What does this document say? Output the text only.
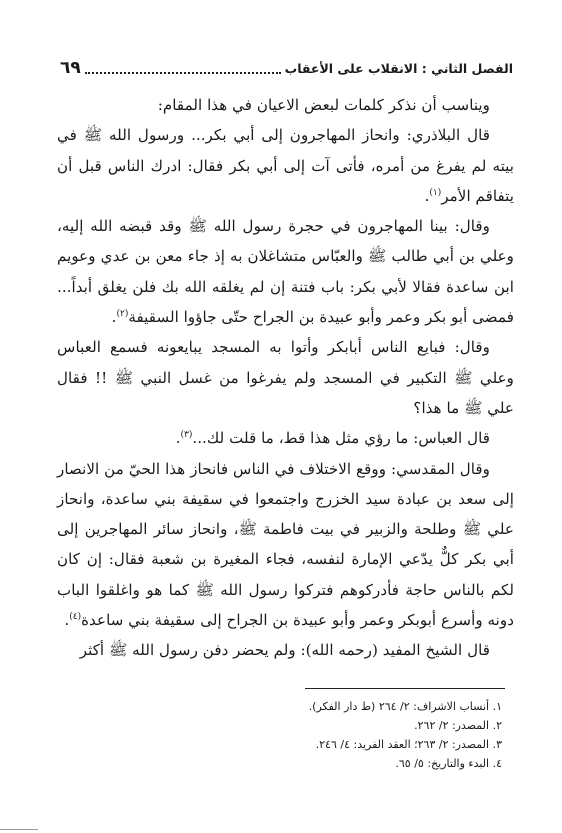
الفصل الثاني : الانقلاب على الأعقاب
٦٩

ويناسب أن نذكر كلمات لبعض الاعيان في هذا المقام:

قال البلاذري: وانحاز المهاجرون إلى أبي بكر... ورسول الله ﷺ في بيته لم يفرغ من أمره، فأتى آت إلى أبي بكر فقال: ادرك الناس قبل أن يتفاقم الأمر$^{(١)}$.

وقال: بينا المهاجرون في حجرة رسول الله ﷺ وقد قبضه الله إليه، وعلي بن أبي طالب ﷺ والعبّاس متشاغلان به إذ جاء معن بن عدي وعويم ابن ساعدة فقالا لأبي بكر: باب فتنة إن لم يغلقه الله بك فلن يغلق أبداً... فمضى أبو بكر وعمر وأبو عبيدة بن الجراح حتّى جاؤوا السقيفة$^{(٢)}$.

وقال: فبايع الناس أبابكر وأتوا به المسجد يبايعونه فسمع العباس وعلي ﷺ التكبير في المسجد ولم يفرغوا من غسل النبي ﷺ !! فقال علي ﷺ ما هذا؟

قال العباس: ما رؤي مثل هذا قط، ما قلت لك...$^{(٣)}$.

وقال المقدسي: ووقع الاختلاف في الناس فانحاز هذا الحيّ من الانصار إلى سعد بن عبادة سيد الخزرج واجتمعوا في سقيفة بني ساعدة، وانحاز علي ﷺ وطلحة والزبير في بيت فاطمة ﷺ، وانحاز سائر المهاجرين إلى أبي بكر كلٌّ يدّعي الإمارة لنفسه، فجاء المغيرة بن شعبة فقال: إن كان لكم بالناس حاجة فأدركوهم فتركوا رسول الله ﷺ كما هو واغلقوا الباب دونه وأسرع أبوبكر وعمر وأبو عبيدة بن الجراح إلى سقيفة بني ساعدة$^{(٤)}$.

قال الشيخ المفيد (رحمه الله): ولم يحضر دفن رسول الله ﷺ أكثر

١. أنساب الاشراف: ٢/ ٢٦٤ (ط دار الفكر).
٢. المصدر: ٢/ ٢٦٢.
٣. المصدر: ٢/ ٢٦٣؛ العقد الفريد: ٤/ ٢٤٦.
٤. البدء والتاريخ: ٥/ ٦٥.
